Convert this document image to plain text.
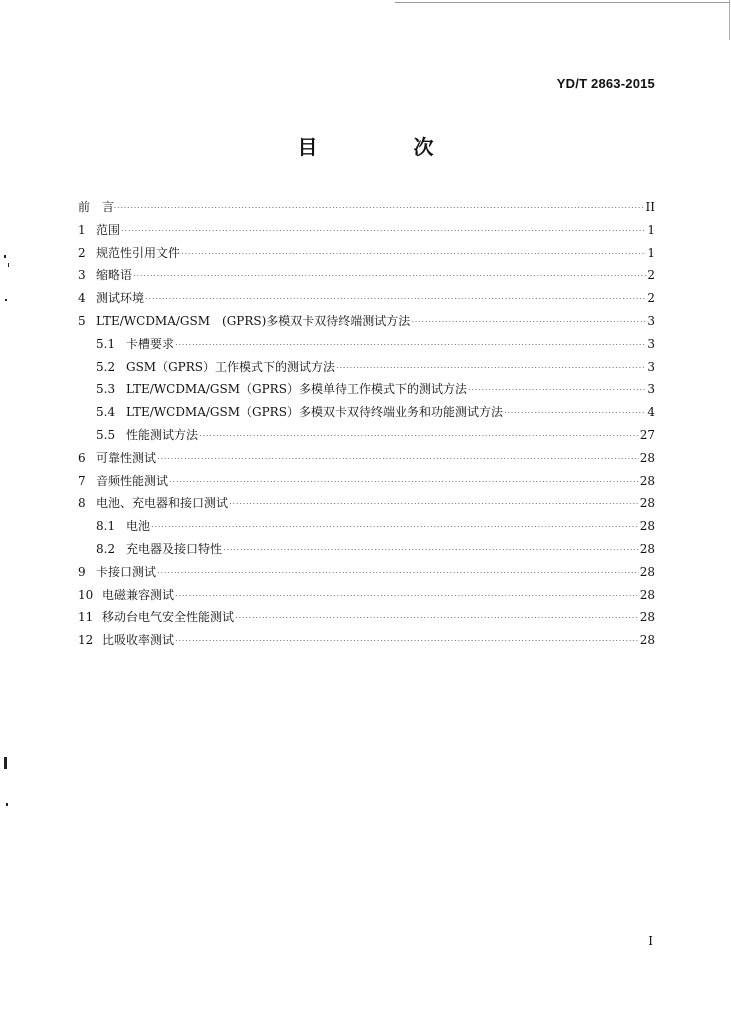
YD/T 2863-2015
目　次
前　言 ·····	II
1 范围 ·····	1
2 规范性引用文件 ·····	1
3 缩略语 ·····	2
4 测试环境 ·····	2
5 LTE/WCDMA/GSM　(GPRS)多模双卡双待终端测试方法 ·····	3
5.1 卡槽要求 ·····	3
5.2 GSM（GPRS）工作模式下的测试方法 ·····	3
5.3 LTE/WCDMA/GSM（GPRS）多模单待工作模式下的测试方法 ·····	3
5.4 LTE/WCDMA/GSM（GPRS）多模双卡双待终端业务和功能测试方法 ·····	4
5.5 性能测试方法 ·····	27
6 可靠性测试 ·····	28
7 音频性能测试 ·····	28
8 电池、充电器和接口测试 ·····	28
8.1 电池 ·····	28
8.2 充电器及接口特性 ·····	28
9 卡接口测试 ·····	28
10 电磁兼容测试 ·····	28
11 移动台电气安全性能测试 ·····	28
12 比吸收率测试 ·····	28
I
